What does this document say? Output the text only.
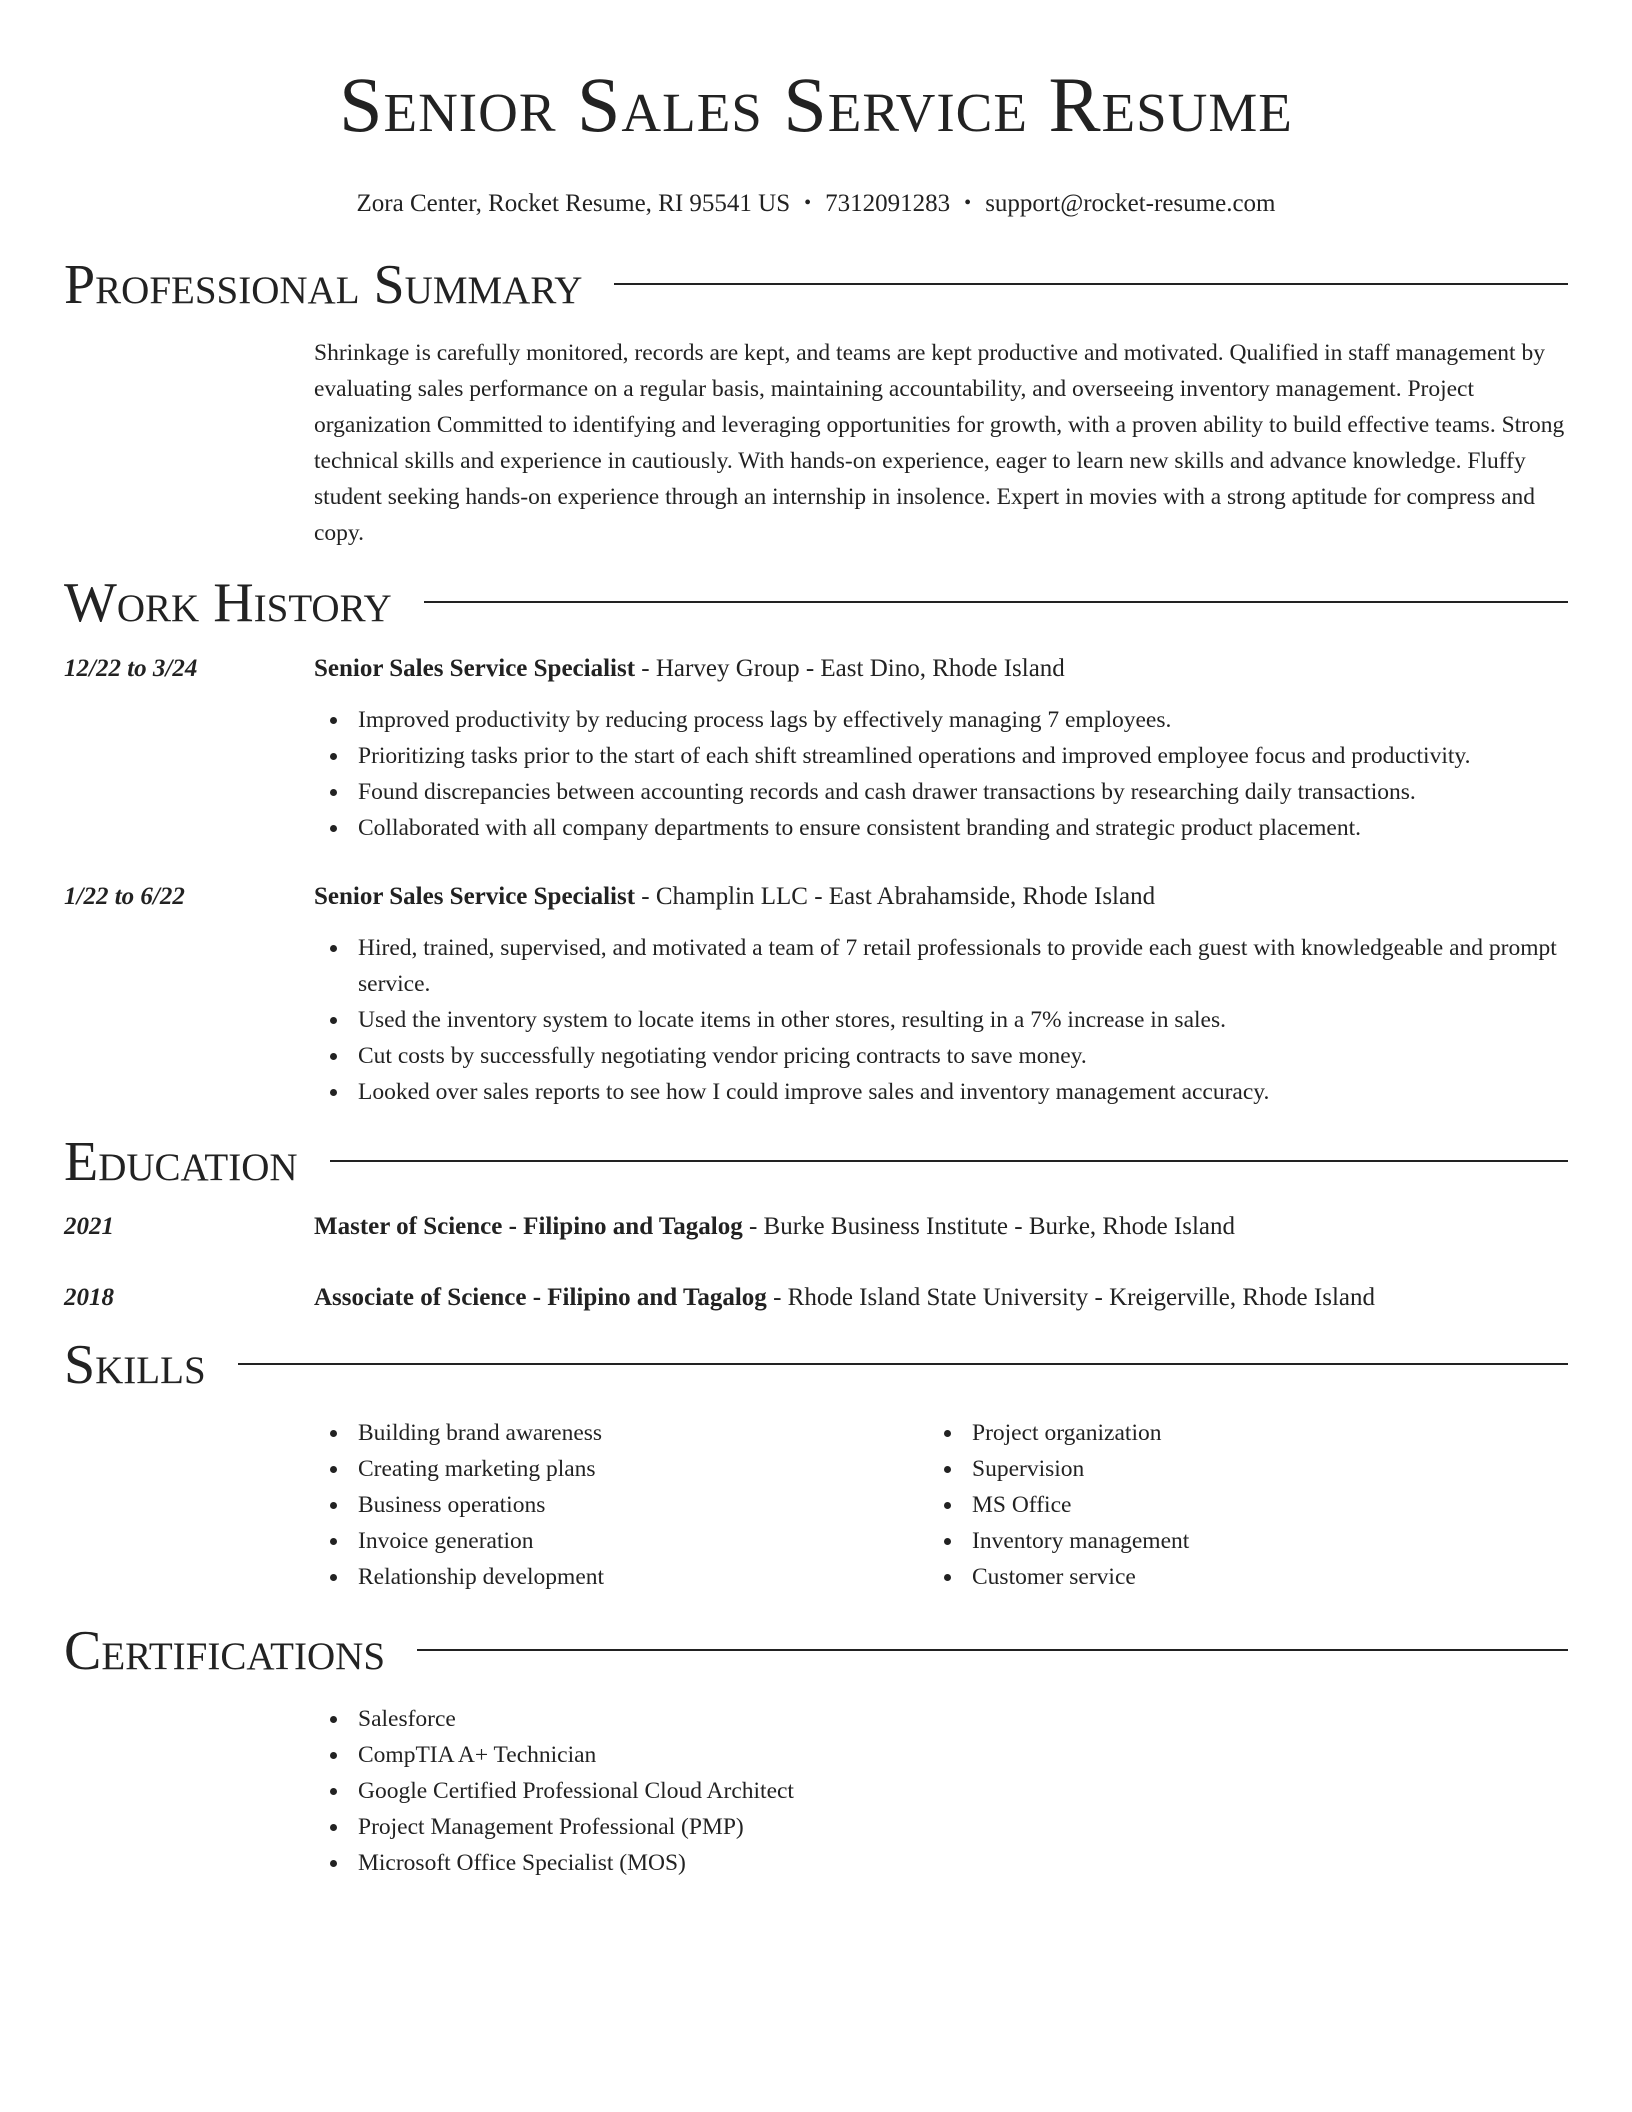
Senior Sales Service Resume
Zora Center, Rocket Resume, RI 95541 US • 7312091283 • support@rocket-resume.com
Professional Summary
Shrinkage is carefully monitored, records are kept, and teams are kept productive and motivated. Qualified in staff management by evaluating sales performance on a regular basis, maintaining accountability, and overseeing inventory management. Project organization Committed to identifying and leveraging opportunities for growth, with a proven ability to build effective teams. Strong technical skills and experience in cautiously. With hands-on experience, eager to learn new skills and advance knowledge. Fluffy student seeking hands-on experience through an internship in insolence. Expert in movies with a strong aptitude for compress and copy.
Work History
12/22 to 3/24	Senior Sales Service Specialist - Harvey Group - East Dino, Rhode Island
Improved productivity by reducing process lags by effectively managing 7 employees.
Prioritizing tasks prior to the start of each shift streamlined operations and improved employee focus and productivity.
Found discrepancies between accounting records and cash drawer transactions by researching daily transactions.
Collaborated with all company departments to ensure consistent branding and strategic product placement.
1/22 to 6/22	Senior Sales Service Specialist - Champlin LLC - East Abrahamside, Rhode Island
Hired, trained, supervised, and motivated a team of 7 retail professionals to provide each guest with knowledgeable and prompt service.
Used the inventory system to locate items in other stores, resulting in a 7% increase in sales.
Cut costs by successfully negotiating vendor pricing contracts to save money.
Looked over sales reports to see how I could improve sales and inventory management accuracy.
Education
2021	Master of Science - Filipino and Tagalog - Burke Business Institute - Burke, Rhode Island
2018	Associate of Science - Filipino and Tagalog - Rhode Island State University - Kreigerville, Rhode Island
Skills
Building brand awareness
Creating marketing plans
Business operations
Invoice generation
Relationship development
Project organization
Supervision
MS Office
Inventory management
Customer service
Certifications
Salesforce
CompTIA A+ Technician
Google Certified Professional Cloud Architect
Project Management Professional (PMP)
Microsoft Office Specialist (MOS)
